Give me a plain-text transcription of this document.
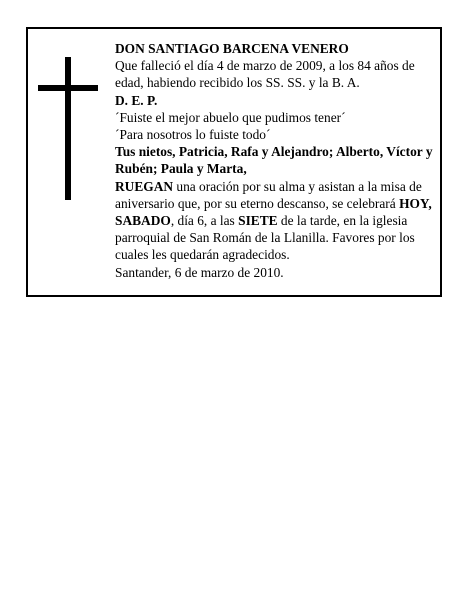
DON SANTIAGO BARCENA VENERO

Que falleció el día 4 de marzo de 2009, a los 84 años de edad, habiendo recibido los SS. SS. y la B. A.

D. E. P.

´Fuiste el mejor abuelo que pudimos tener´

´Para nosotros lo fuiste todo´

Tus nietos, Patricia, Rafa y Alejandro; Alberto, Víctor y Rubén; Paula y Marta,

RUEGAN una oración por su alma y asistan a la misa de aniversario que, por su eterno descanso, se celebrará HOY, SABADO, día 6, a las SIETE de la tarde, en la iglesia parroquial de San Román de la Llanilla. Favores por los cuales les quedarán agradecidos.

Santander, 6 de marzo de 2010.
